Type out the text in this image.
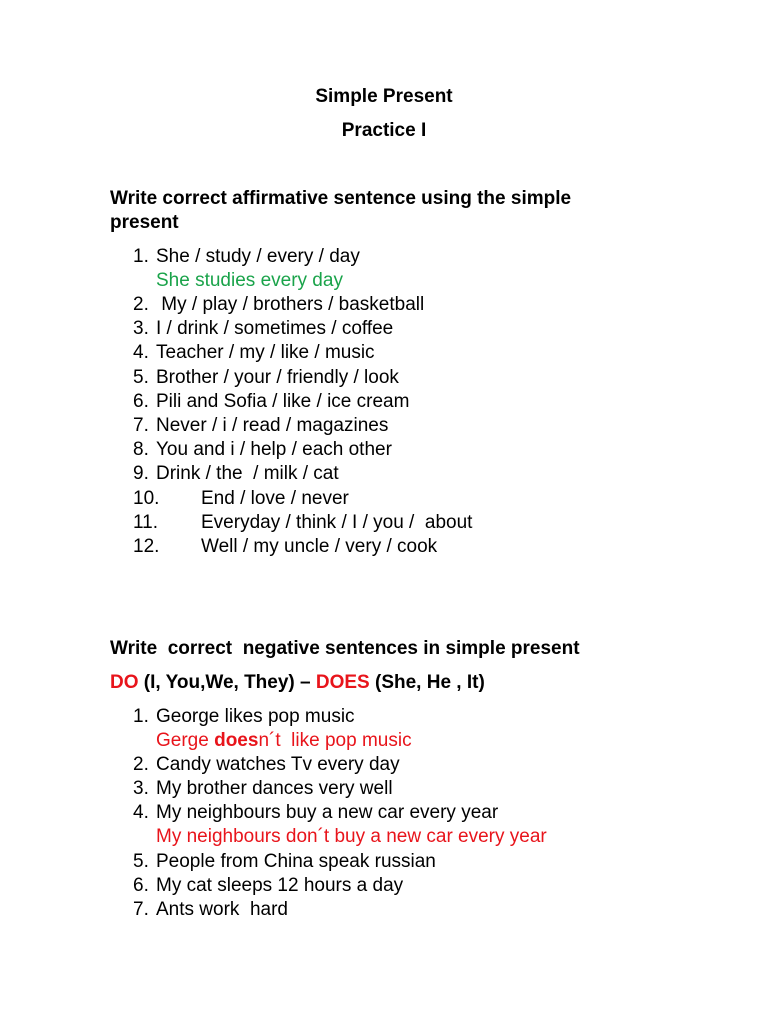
Simple Present
Practice I
Write correct affirmative sentence using the simple
present
1. She / study / every / day
She studies every day
2. My / play / brothers / basketball
3. I / drink / sometimes / coffee
4. Teacher / my / like / music
5. Brother / your / friendly / look
6. Pili and Sofia / like / ice cream
7. Never / i / read / magazines
8. You and i / help / each other
9. Drink / the  / milk / cat
10. End / love / never
11. Everyday / think / I / you /  about
12. Well / my uncle / very / cook
Write  correct  negative sentences in simple present
DO (I, You,We, They) – DOES (She, He , It)
1. George likes pop music
Gerge doesn´t  like pop music
2. Candy watches Tv every day
3. My brother dances very well
4. My neighbours buy a new car every year
My neighbours don´t buy a new car every year
5. People from China speak russian
6. My cat sleeps 12 hours a day
7. Ants work  hard
